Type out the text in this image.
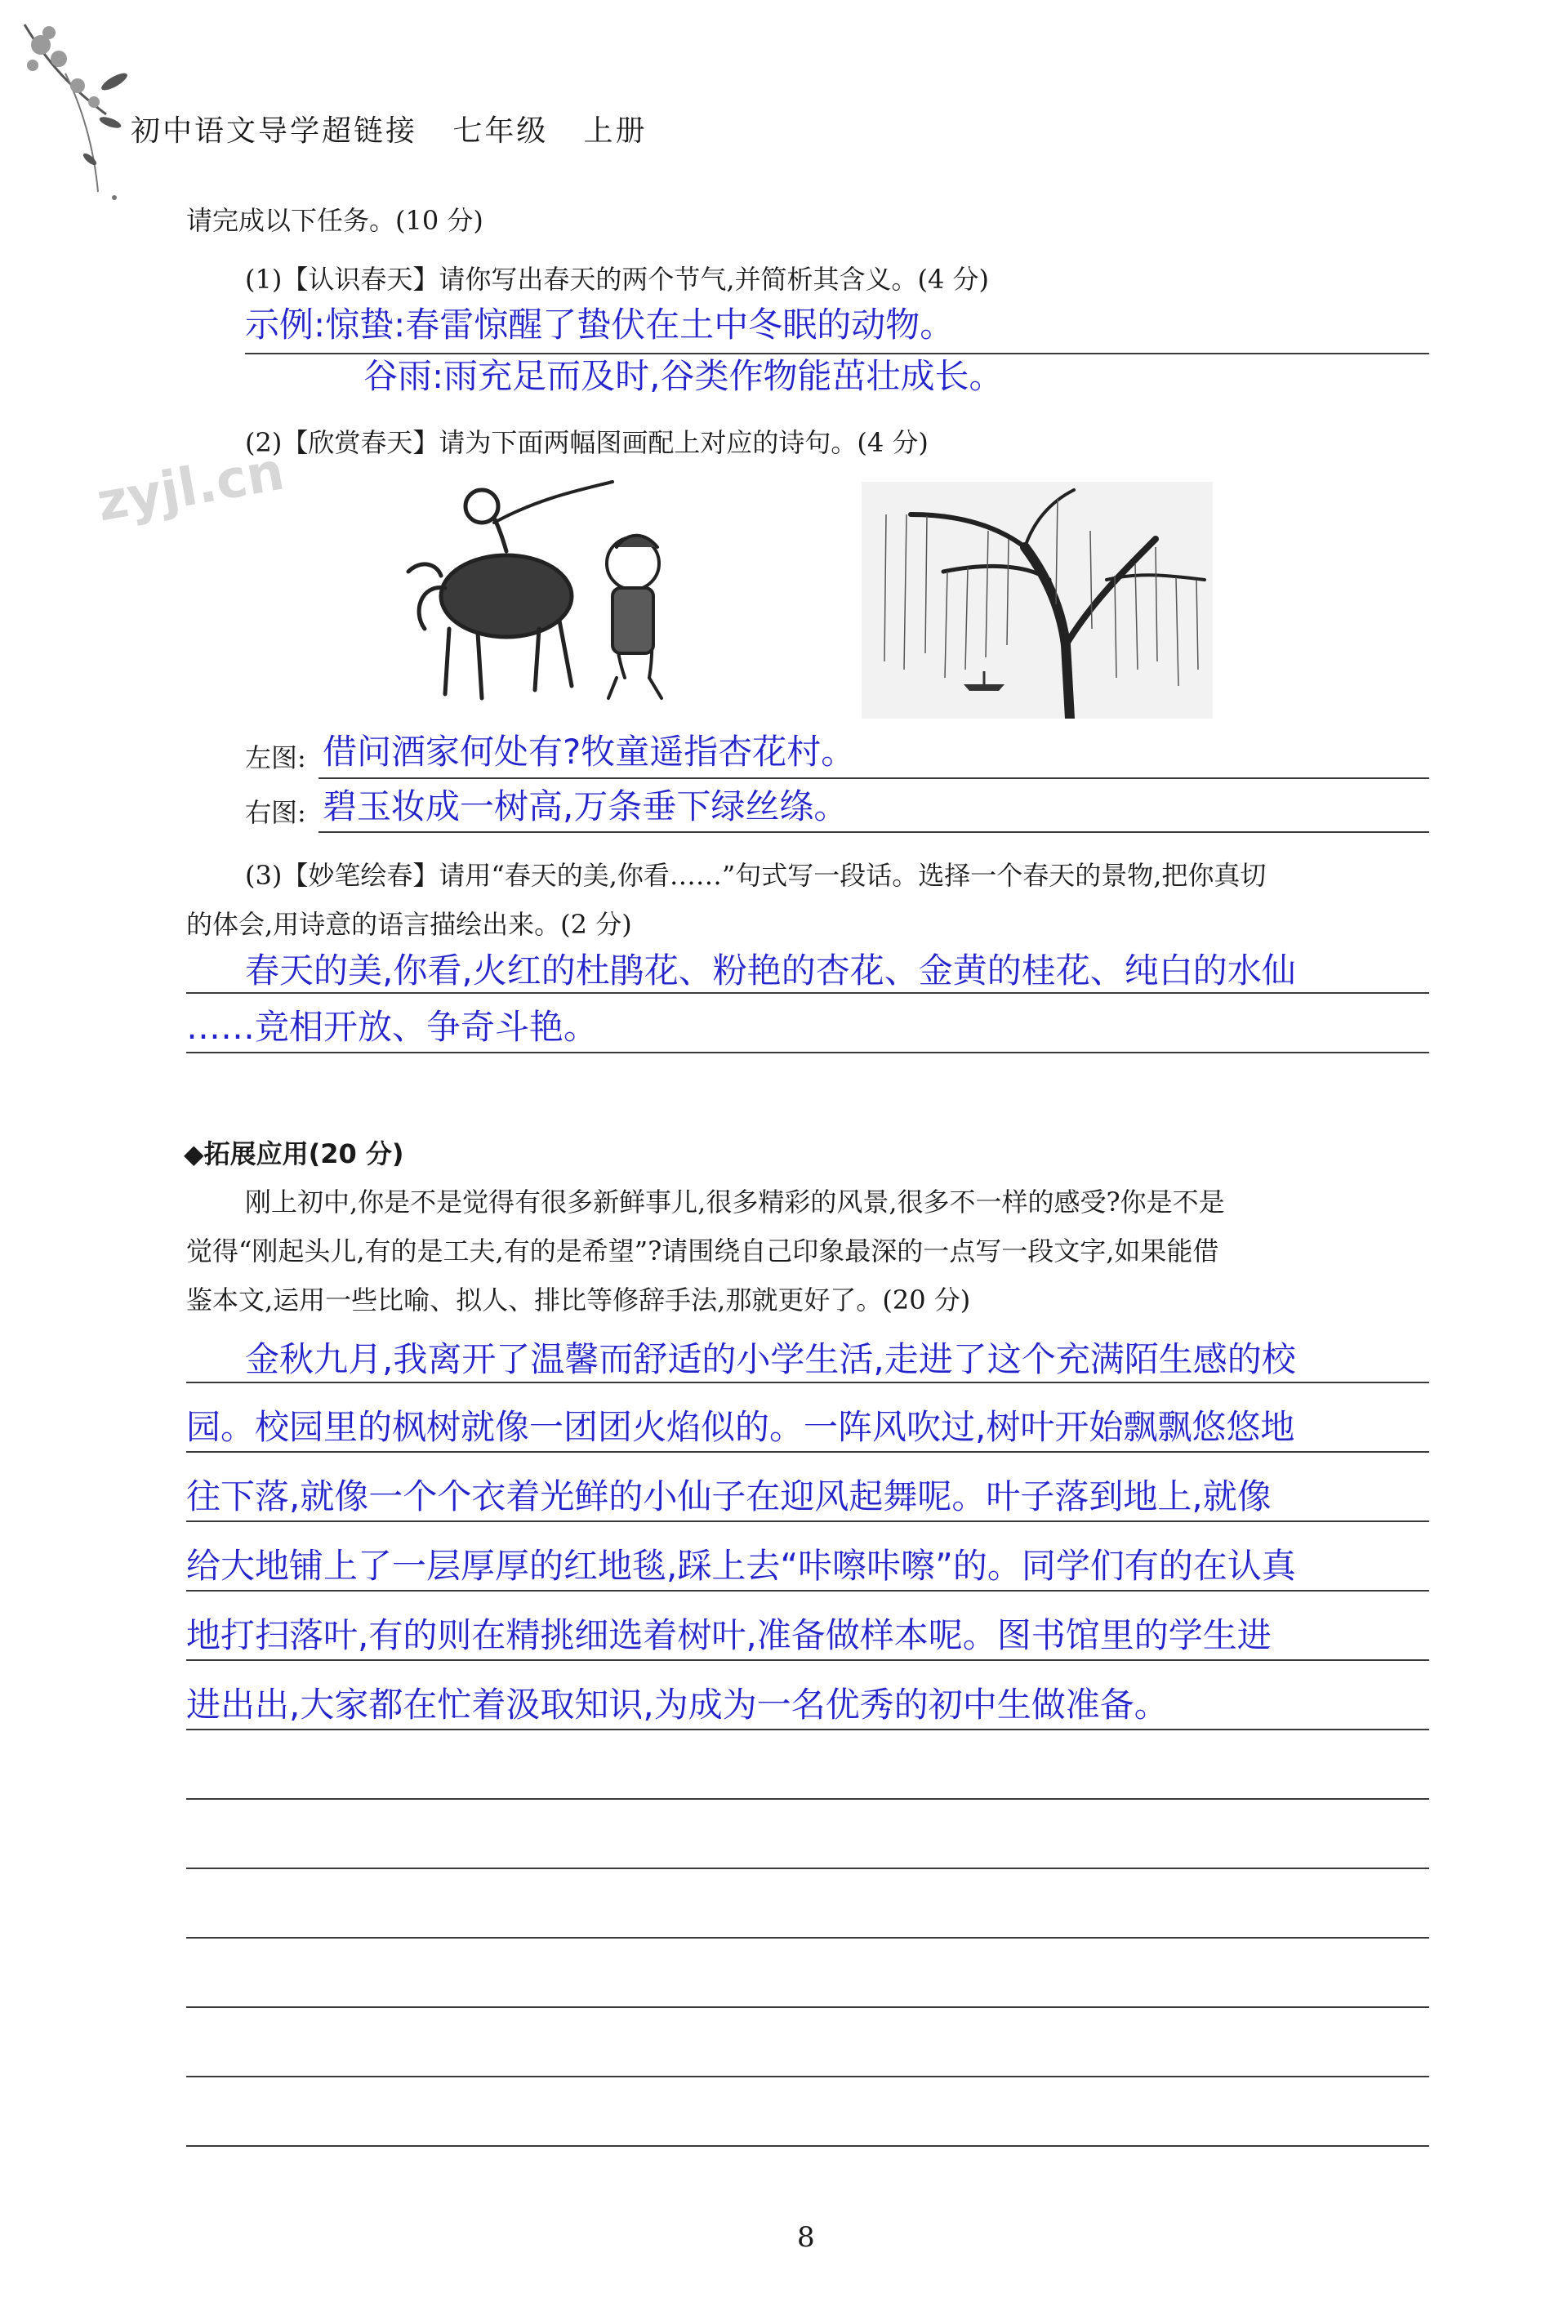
初中语文导学超链接   七年级   上册
zyjl.cn
请完成以下任务。(10 分)
(1)【认识春天】请你写出春天的两个节气,并简析其含义。(4 分)
示例:惊蛰:春雷惊醒了蛰伏在土中冬眠的动物。
谷雨:雨充足而及时,谷类作物能茁壮成长。
(2)【欣赏春天】请为下面两幅图画配上对应的诗句。(4 分)
左图: 借问酒家何处有?牧童遥指杏花村。
右图: 碧玉妆成一树高,万条垂下绿丝绦。
(3)【妙笔绘春】请用“春天的美,你看……”句式写一段话。选择一个春天的景物,把你真切
的体会,用诗意的语言描绘出来。(2 分)
春天的美,你看,火红的杜鹃花、粉艳的杏花、金黄的桂花、纯白的水仙
……竞相开放、争奇斗艳。
◆拓展应用(20 分)
刚上初中,你是不是觉得有很多新鲜事儿,很多精彩的风景,很多不一样的感受?你是不是
觉得“刚起头儿,有的是工夫,有的是希望”?请围绕自己印象最深的一点写一段文字,如果能借
鉴本文,运用一些比喻、拟人、排比等修辞手法,那就更好了。(20 分)
金秋九月,我离开了温馨而舒适的小学生活,走进了这个充满陌生感的校
园。校园里的枫树就像一团团火焰似的。一阵风吹过,树叶开始飘飘悠悠地
往下落,就像一个个衣着光鲜的小仙子在迎风起舞呢。叶子落到地上,就像
给大地铺上了一层厚厚的红地毯,踩上去“咔嚓咔嚓”的。同学们有的在认真
地打扫落叶,有的则在精挑细选着树叶,准备做样本呢。图书馆里的学生进
进出出,大家都在忙着汲取知识,为成为一名优秀的初中生做准备。
8
